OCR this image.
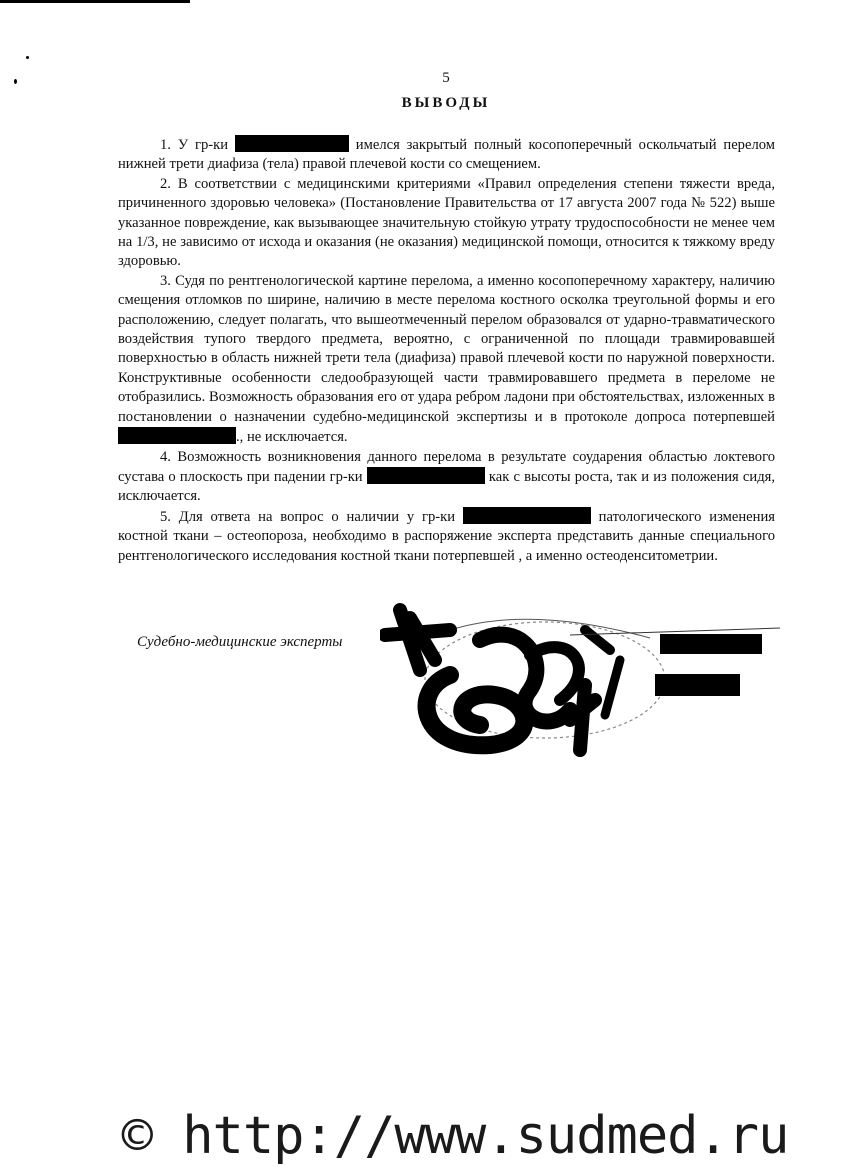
5
ВЫВОДЫ

1. У гр-ки	имелся закрытый полный косопоперечный оскольчатый перелом нижней трети диафиза (тела) правой плечевой кости со смещением.

2. В соответствии с медицинскими критериями «Правил определения степени тяжести вреда, причиненного здоровью человека» (Постановление Правительства от 17 августа 2007 года № 522) выше указанное повреждение, как вызывающее значительную стойкую утрату трудоспособности не менее чем на 1/3, не зависимо от исхода и оказания (не оказания) медицинской помощи, относится к тяжкому вреду здоровью.

3. Судя по рентгенологической картине перелома, а именно косопоперечному характеру, наличию смещения отломков по ширине, наличию в месте перелома костного осколка треугольной формы и его расположению, следует полагать, что вышеотмеченный перелом образовался от ударно-травматического воздействия тупого твердого предмета, вероятно, с ограниченной по площади травмировавшей поверхностью в область нижней трети тела (диафиза) правой плечевой кости по наружной поверхности. Конструктивные особенности следообразующей части травмировавшего предмета в переломе не отобразились. Возможность образования его от удара ребром ладони при обстоятельствах, изложенных в постановлении о назначении судебно-медицинской экспертизы и в протоколе допроса потерпевшей ., не исключается.

4. Возможность возникновения данного перелома в результате соударения областью локтевого сустава о плоскость при падении гр-ки	как с высоты роста, так и из положения сидя, исключается.

5. Для ответа на вопрос о наличии у гр-ки	патологического изменения костной ткани – остеопороза, необходимо в распоряжение эксперта представить данные специального рентгенологического исследования костной ткани потерпевшей , а именно остеоденситометрии.

Судебно-медицинские эксперты
© http://www.sudmed.ru
